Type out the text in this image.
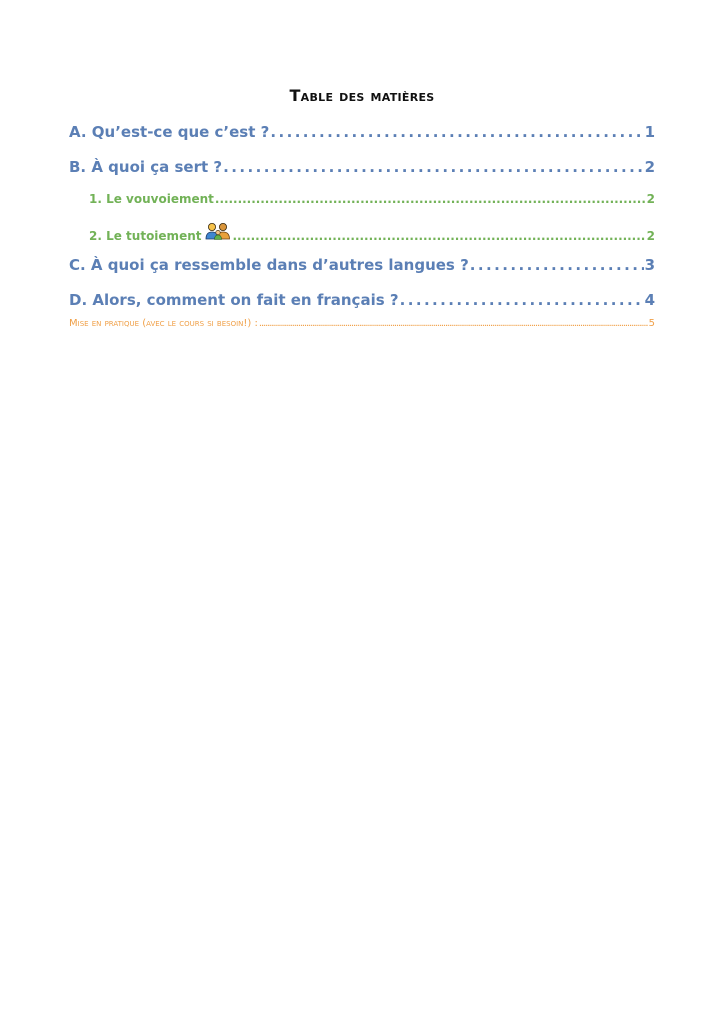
Table des matières
A. Qu’est-ce que c’est ? . . .	1
B. À quoi ça sert ? . . .	2
1. Le vouvoiement . . .	2
2. Le tutoiement . . .	2
C. À quoi ça ressemble dans d’autres langues ? . . .	3
D. Alors, comment on fait en français ? . . .	4
Mise en pratique (avec le cours si besoin!) : . . .	5
